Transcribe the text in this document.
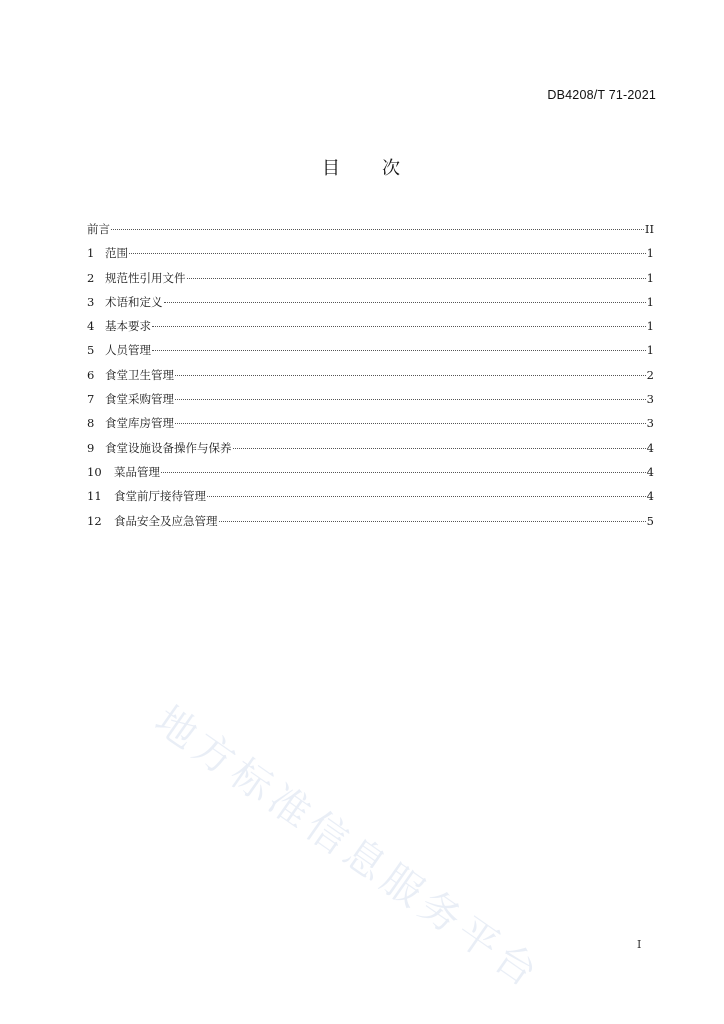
DB4208/T 71-2021
目 次
前言	II
1 范围	1
2 规范性引用文件	1
3 术语和定义	1
4 基本要求	1
5 人员管理	1
6 食堂卫生管理	2
7 食堂采购管理	3
8 食堂库房管理	3
9 食堂设施设备操作与保养	4
10	菜品管理	4
11	食堂前厅接待管理	4
12	食品安全及应急管理	5
地方标准信息服务平台	I
